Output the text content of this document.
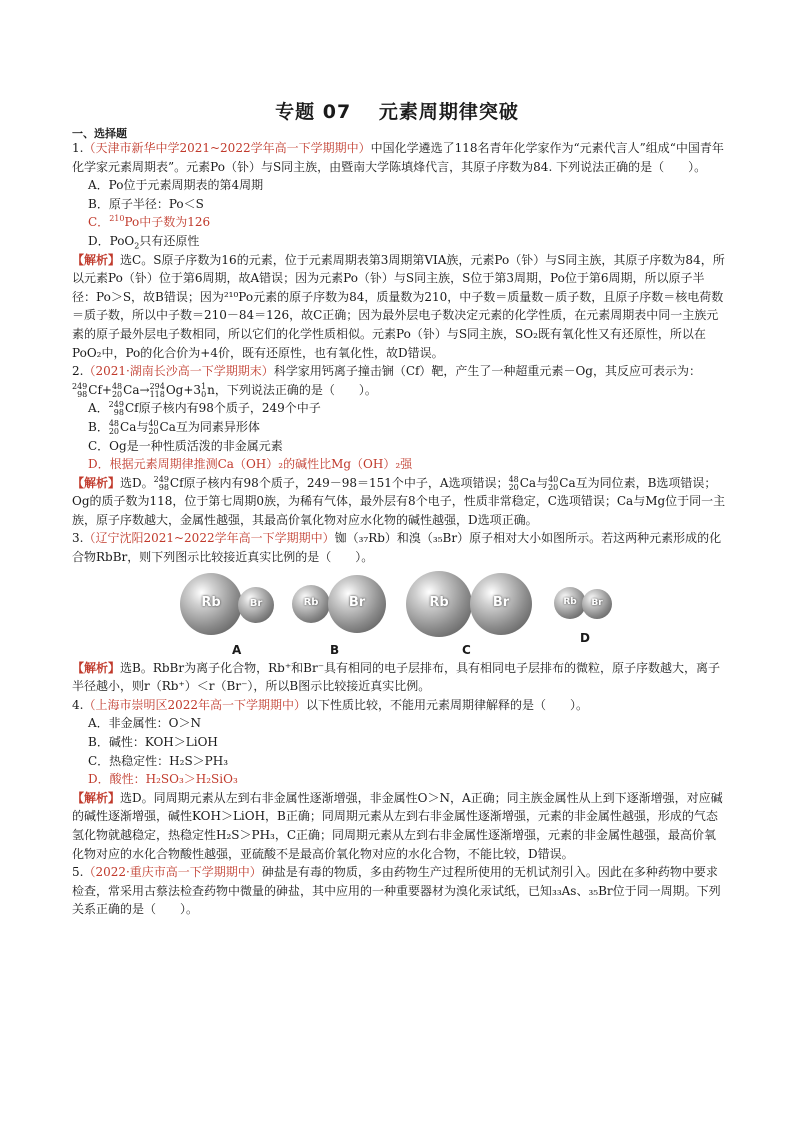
专题 07　 元素周期律突破
一、选择题

1.（天津市新华中学2021~2022学年高一下学期期中）中国化学遴选了118名青年化学家作为“元素代言人”组成“中国青年化学家元素周期表”。元素Po（钋）与S同主族，由暨南大学陈填烽代言，其原子序数为84. 下列说法正确的是（　　）。

A．Po位于元素周期表的第4周期

B．原子半径：Po＜S

C．$^{210}$Po中子数为126

D．PoO$_2$只有还原性

【解析】选C。S原子序数为16的元素，位于元素周期表第3周期第VIA族，元素Po（钋）与S同主族，其原子序数为84，所以元素Po（钋）位于第6周期，故A错误；因为元素Po（钋）与S同主族，S位于第3周期，Po位于第6周期，所以原子半径：Po＞S，故B错误；因为²¹⁰Po元素的原子序数为84，质量数为210，中子数＝质量数－质子数，且原子序数＝核电荷数＝质子数，所以中子数＝210－84＝126，故C正确；因为最外层电子数决定元素的化学性质，在元素周期表中同一主族元素的原子最外层电子数相同，所以它们的化学性质相似。元素Po（钋）与S同主族，SO₂既有氧化性又有还原性，所以在PoO₂中，Po的化合价为+4价，既有还原性，也有氧化性，故D错误。

2.（2021·湖南长沙高一下学期期末）科学家用钙离子撞击锎（Cf）靶，产生了一种超重元素－Og，其反应可表示为：
249
98 Cf+ 48
20 Ca→ 294
118 Og+3 1
0 n，下列说法正确的是（　　）。

A． 249
98 Cf原子核内有98个质子，249个中子

B． 48
20 Ca与 40
20 Ca互为同素异形体

C．Og是一种性质活泼的非金属元素

D．根据元素周期律推测Ca（OH）₂的碱性比Mg（OH）₂强

【解析】选D。 249
98 Cf原子核内有98个质子，249－98＝151个中子，A选项错误； 48
20 Ca与 40
20 Ca互为同位素，B选项错误；Og的质子数为118，位于第七周期0族，为稀有气体，最外层有8个电子，性质非常稳定，C选项错误；Ca与Mg位于同一主族，原子序数越大，金属性越强，其最高价氧化物对应水化物的碱性越强，D选项正确。

3.（辽宁沈阳2021~2022学年高一下学期期中）铷（₃₇Rb）和溴（₃₅Br）原子相对大小如图所示。若这两种元素形成的化合物RbBr，则下列图示比较接近真实比例的是（　　）。

Rb	Br
A
Rb Br
B
Rb	Br
C
Rb Br
D

【解析】选B。RbBr为离子化合物，Rb⁺和Br⁻具有相同的电子层排布，具有相同电子层排布的微粒，原子序数越大，离子半径越小，则r（Rb⁺）＜r（Br⁻），所以B图示比较接近真实比例。

4.（上海市崇明区2022年高一下学期期中）以下性质比较，不能用元素周期律解释的是（　　）。

A．非金属性：O＞N

B．碱性：KOH＞LiOH

C．热稳定性：H₂S＞PH₃

D．酸性：H₂SO₃＞H₂SiO₃

【解析】选D。同周期元素从左到右非金属性逐渐增强，非金属性O＞N，A正确；同主族金属性从上到下逐渐增强，对应碱的碱性逐渐增强，碱性KOH＞LiOH，B正确；同周期元素从左到右非金属性逐渐增强，元素的非金属性越强，形成的气态氢化物就越稳定，热稳定性H₂S＞PH₃，C正确；同周期元素从左到右非金属性逐渐增强，元素的非金属性越强，最高价氧化物对应的水化合物酸性越强，亚硫酸不是最高价氧化物对应的水化合物，不能比较，D错误。

5.（2022·重庆市高一下学期期中）砷盐是有毒的物质，多由药物生产过程所使用的无机试剂引入。因此在多种药物中要求检查，常采用古蔡法检查药物中微量的砷盐，其中应用的一种重要器材为溴化汞试纸，已知₃₃As、₃₅Br位于同一周期。下列关系正确的是（　　）。
